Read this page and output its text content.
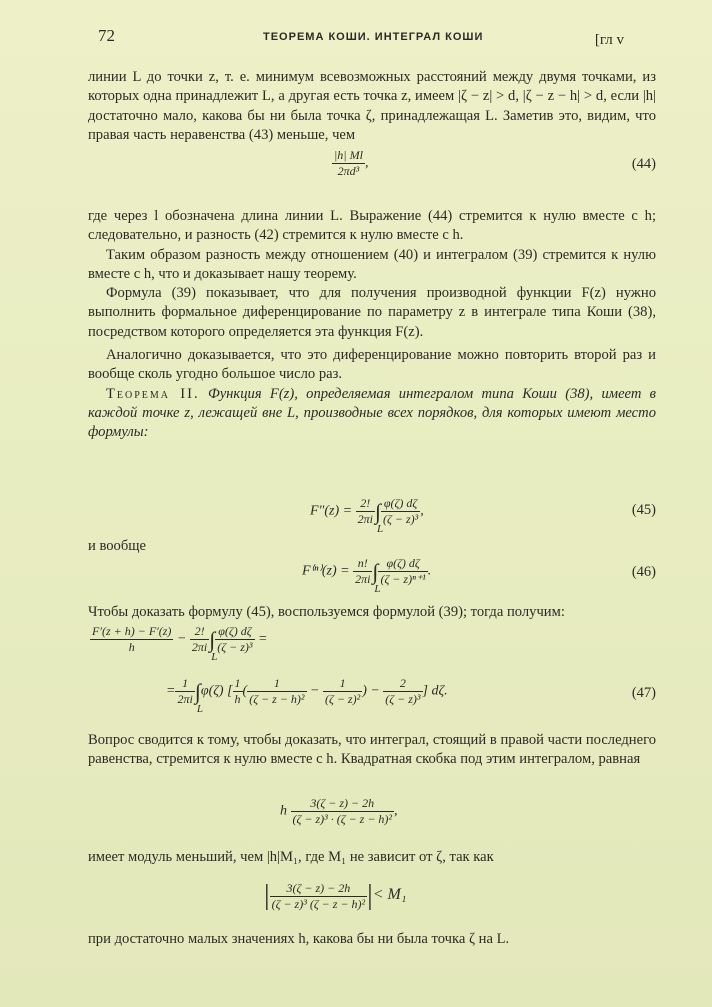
72	ТЕОРЕМА КОШИ. ИНТЕГРАЛ КОШИ	[гл v

линии L до точки z, т. е. минимум всевозможных расстояний между двумя точками, из которых одна принадлежит L, а другая есть точка z, имеем |ζ − z| > d, |ζ − z − h| > d, если |h| достаточно мало, какова бы ни была точка ζ, принадлежащая L. Заметив это, видим, что правая часть неравенства (43) меньше, чем

$\frac{|h| Ml}{\text{2πd³}}$ ,	(44)

где через l обозначена длина линии L. Выражение (44) стремится к нулю вместе с h; следовательно, и разность (42) стремится к нулю вместе с h.

Таким образом разность между отношением (40) и интегралом (39) стремится к нулю вместе с h, что и доказывает нашу теорему.

Формула (39) показывает, что для получения производной функции F(z) нужно выполнить формальное диференцирование по параметру z в интеграле типа Коши (38), посредством которого определяется эта функция F(z).

Аналогично доказывается, что это диференцирование можно повторить второй раз и вообще сколь угодно большое число раз.

Теорема II. Функция F(z), определяемая интегралом типа Коши (38), имеет в каждой точке z, лежащей вне L, производные всех порядков, для которых имеют место формулы:

$F''(z) = \frac{2!}{2\pi i}$ ∫
L
$\frac{\varphi(\zeta) d\zeta}{\text{(ζ − z)³}}$ ,	(45)

и вообще

$F^{(n)}(z) = \frac{n!}{2\pi i}$ ∫
L
$\frac{\varphi(\zeta) d\zeta}{\text{(ζ − z)ⁿ⁺¹}}$ .	(46)

Чтобы доказать формулу (45), воспользуемся формулой (39); тогда получим:

$\frac{F'(z + h) - F'(z)}{h} - \frac{2!}{2\pi i}$ ∫
L
$\frac{\varphi(\zeta) d\zeta}{\text{(ζ − z)³}}$ =
= $\frac{1}{2\pi i}$ ∫
L
φ(ζ) [ $\frac{1}{h}$ ( $\frac{1}{\text{(ζ − z − h)²}} - \frac{1}{\text{(ζ − z)²}}$ ) − $\frac{2}{\text{(ζ − z)³}}$ ] dζ.	(47)

Вопрос сводится к тому, чтобы доказать, что интеграл, стоящий в правой части последнего равенства, стремится к нулю вместе с h. Квадратная скобка под этим интегралом, равная

h $\frac{3(\zeta - z) - 2h}{\text{(ζ − z)³ · (ζ − z − h)²}}$ ,

имеет модуль меньший, чем |h|M₁, где M₁ не зависит от ζ, так как

| $\frac{3(\zeta - z) - 2h}{\text{(ζ − z)³ (ζ − z − h)²}}$ |< M₁

при достаточно малых значениях h, какова бы ни была точка ζ на L.
